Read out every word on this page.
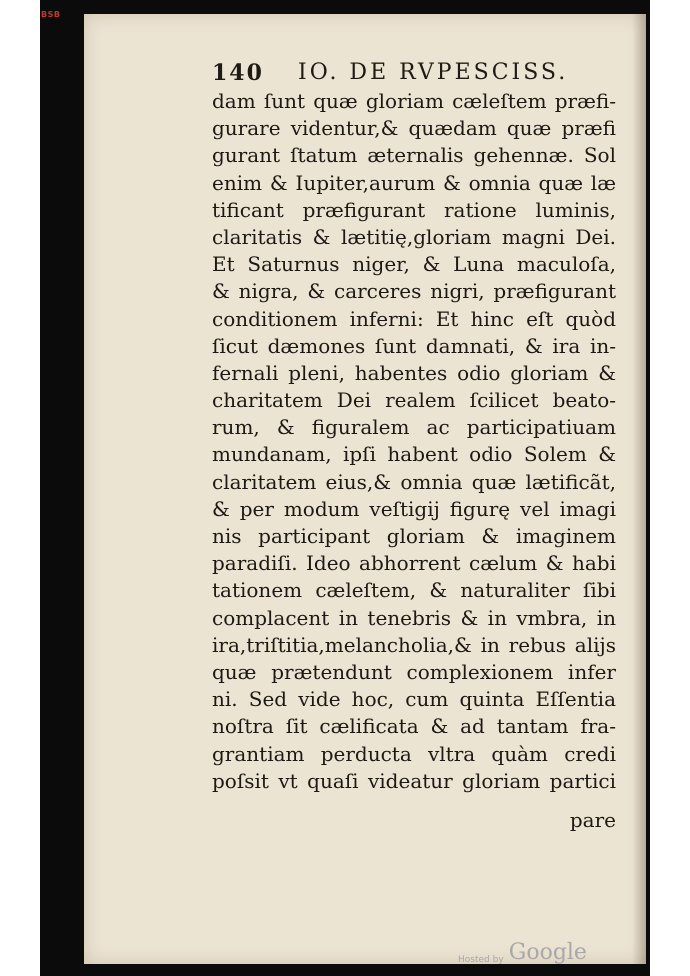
BSB
140 IO. DE RVPESCISS.
dam ſunt quæ gloriam cæleſtem præfi-
gurare videntur,& quædam quæ præfi
gurant ſtatum æternalis gehennæ. Sol
enim & Iupiter,aurum & omnia quæ læ
tificant præfigurant ratione luminis,
claritatis & lætitię,gloriam magni Dei.
Et Saturnus niger, & Luna maculoſa,
& nigra, & carceres nigri, præfigurant
conditionem inferni: Et hinc eſt quòd
ſicut dæmones ſunt damnati, & ira in-
fernali pleni, habentes odio gloriam &
charitatem Dei realem ſcilicet beato-
rum, & figuralem ac participatiuam
mundanam, ipſi habent odio Solem &
claritatem eius,& omnia quæ lætificãt,
& per modum veſtigij figurę vel imagi
nis participant gloriam & imaginem
paradiſi. Ideo abhorrent cælum & habi
tationem cæleſtem, & naturaliter ſibi
complacent in tenebris & in vmbra, in
ira,triſtitia,melancholia,& in rebus alijs
quæ prætendunt complexionem infer
ni. Sed vide hoc, cum quinta Eſſentia
noſtra ſit cælificata & ad tantam fra-
grantiam perducta vltra quàm credi
poſsit vt quaſi videatur gloriam partici
pare
Hosted by Google
